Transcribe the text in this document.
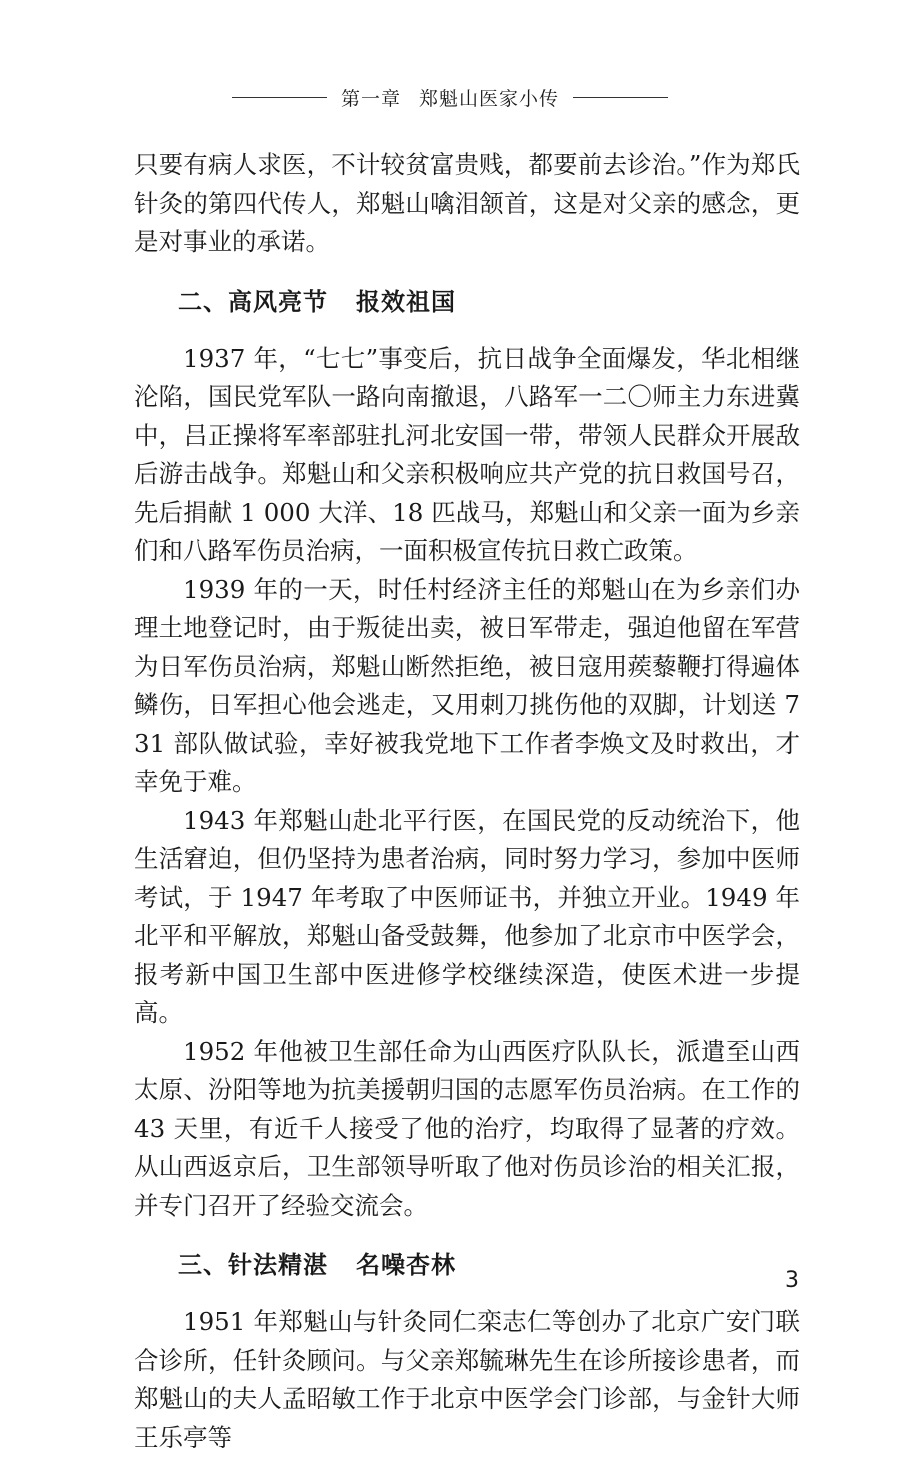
第一章 郑魁山医家小传

只要有病人求医，不计较贫富贵贱，都要前去诊治。”作为郑氏针灸的第四代传人，郑魁山噙泪颔首，这是对父亲的感念，更是对事业的承诺。

二、高风亮节 报效祖国

1937 年，“七七”事变后，抗日战争全面爆发，华北相继沦陷，国民党军队一路向南撤退，八路军一二〇师主力东进冀中，吕正操将军率部驻扎河北安国一带，带领人民群众开展敌后游击战争。郑魁山和父亲积极响应共产党的抗日救国号召，先后捐献 1 000 大洋、18 匹战马，郑魁山和父亲一面为乡亲们和八路军伤员治病，一面积极宣传抗日救亡政策。

1939 年的一天，时任村经济主任的郑魁山在为乡亲们办理土地登记时，由于叛徒出卖，被日军带走，强迫他留在军营为日军伤员治病，郑魁山断然拒绝，被日寇用蒺藜鞭打得遍体鳞伤，日军担心他会逃走，又用刺刀挑伤他的双脚，计划送 731 部队做试验，幸好被我党地下工作者李焕文及时救出，才幸免于难。

1943 年郑魁山赴北平行医，在国民党的反动统治下，他生活窘迫，但仍坚持为患者治病，同时努力学习，参加中医师考试，于 1947 年考取了中医师证书，并独立开业。1949 年北平和平解放，郑魁山备受鼓舞，他参加了北京市中医学会，报考新中国卫生部中医进修学校继续深造，使医术进一步提高。

1952 年他被卫生部任命为山西医疗队队长，派遣至山西太原、汾阳等地为抗美援朝归国的志愿军伤员治病。在工作的 43 天里，有近千人接受了他的治疗，均取得了显著的疗效。从山西返京后，卫生部领导听取了他对伤员诊治的相关汇报，并专门召开了经验交流会。

三、针法精湛 名噪杏林

1951 年郑魁山与针灸同仁栾志仁等创办了北京广安门联合诊所，任针灸顾问。与父亲郑毓琳先生在诊所接诊患者，而郑魁山的夫人孟昭敏工作于北京中医学会门诊部，与金针大师王乐亭等

3
